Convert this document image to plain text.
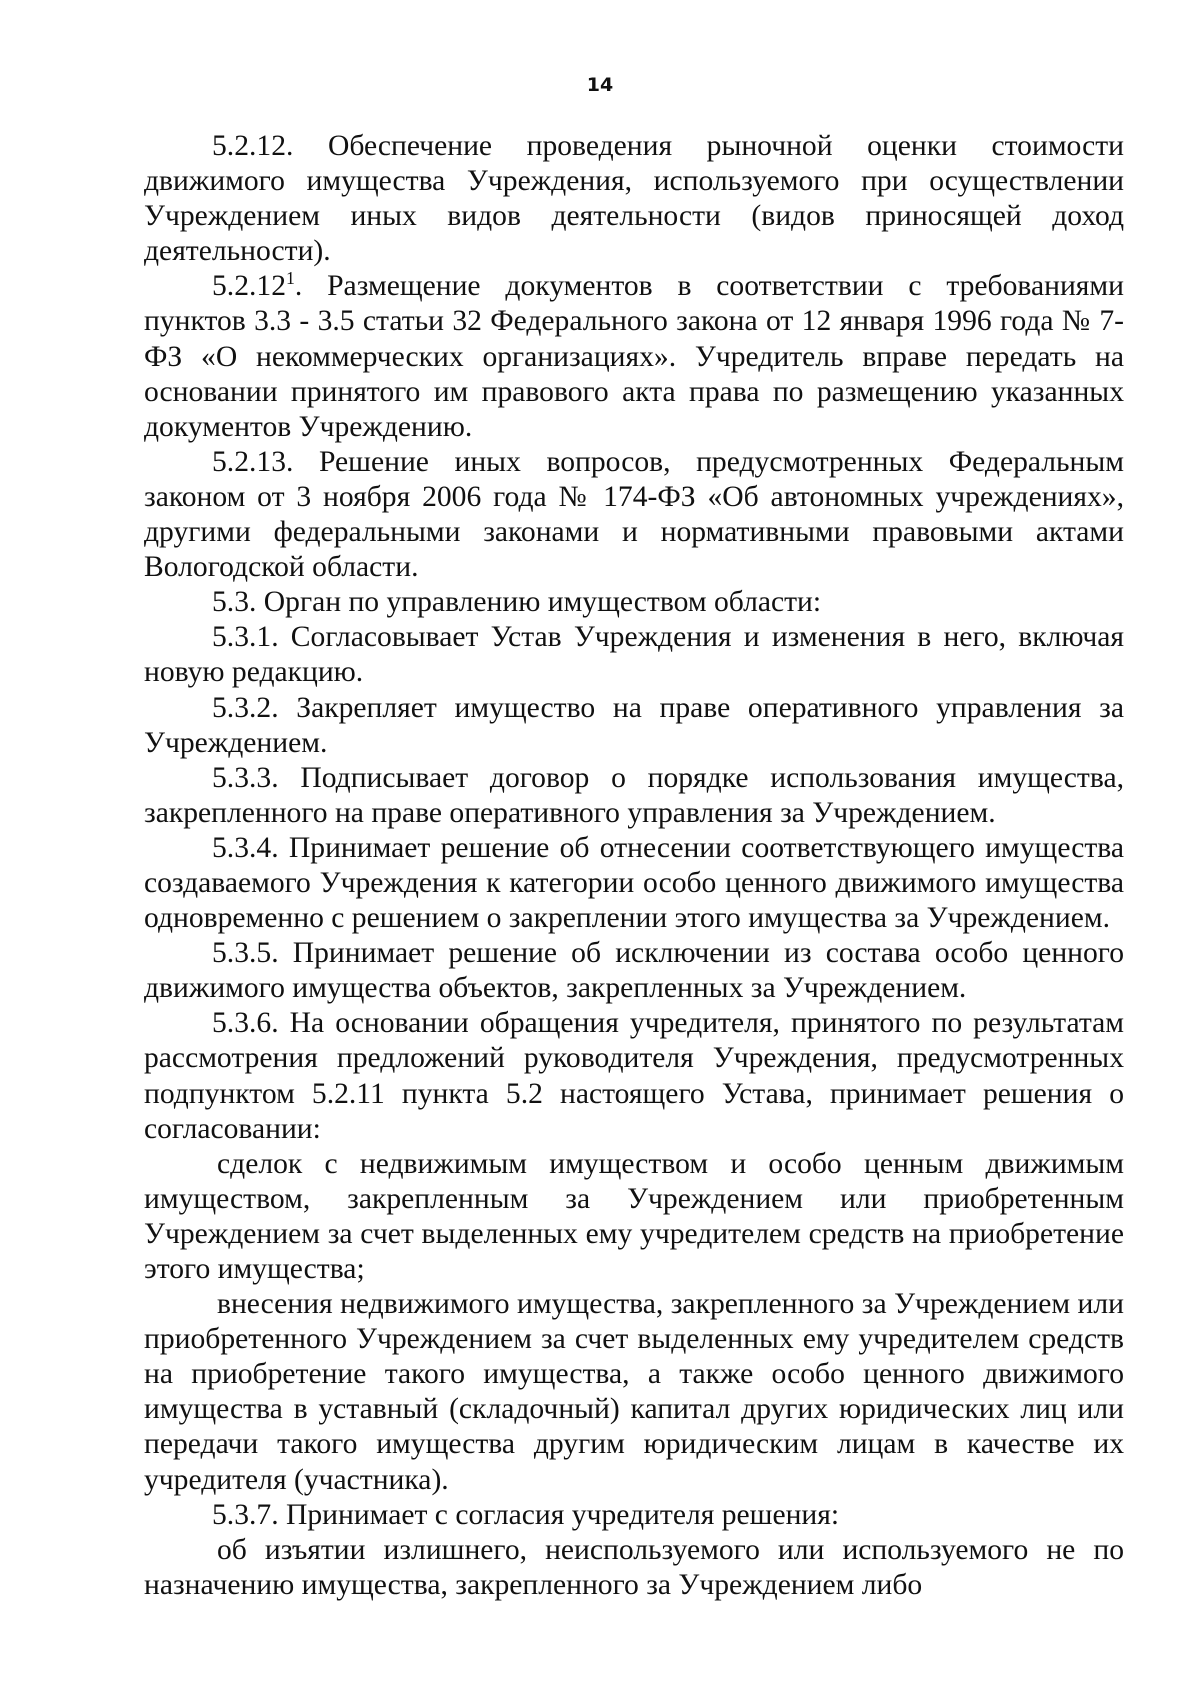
14

5.2.12. Обеспечение проведения рыночной оценки стоимости движимого имущества Учреждения, используемого при осуществлении Учреждением иных видов деятельности (видов приносящей доход деятельности).

5.2.12$^1$. Размещение документов в соответствии с требованиями пунктов 3.3 - 3.5 статьи 32 Федерального закона от 12 января 1996 года № 7-ФЗ «О некоммерческих организациях». Учредитель вправе передать на основании принятого им правового акта права по размещению указанных документов Учреждению.

5.2.13. Решение иных вопросов, предусмотренных Федеральным законом от 3 ноября 2006 года № 174-ФЗ «Об автономных учреждениях», другими федеральными законами и нормативными правовыми актами Вологодской области.

5.3. Орган по управлению имуществом области:

5.3.1. Согласовывает Устав Учреждения и изменения в него, включая новую редакцию.

5.3.2. Закрепляет имущество на праве оперативного управления за Учреждением.

5.3.3. Подписывает договор о порядке использования имущества, закрепленного на праве оперативного управления за Учреждением.

5.3.4. Принимает решение об отнесении соответствующего имущества создаваемого Учреждения к категории особо ценного движимого имущества одновременно с решением о закреплении этого имущества за Учреждением.

5.3.5. Принимает решение об исключении из состава особо ценного движимого имущества объектов, закрепленных за Учреждением.

5.3.6. На основании обращения учредителя, принятого по результатам рассмотрения предложений руководителя Учреждения, предусмотренных подпунктом 5.2.11 пункта 5.2 настоящего Устава, принимает решения о согласовании:

сделок с недвижимым имуществом и особо ценным движимым имуществом, закрепленным за Учреждением или приобретенным Учреждением за счет выделенных ему учредителем средств на приобретение этого имущества;

внесения недвижимого имущества, закрепленного за Учреждением или приобретенного Учреждением за счет выделенных ему учредителем средств на приобретение такого имущества, а также особо ценного движимого имущества в уставный (складочный) капитал других юридических лиц или передачи такого имущества другим юридическим лицам в качестве их учредителя (участника).

5.3.7. Принимает с согласия учредителя решения:

об изъятии излишнего, неиспользуемого или используемого не по назначению имущества, закрепленного за Учреждением либо
